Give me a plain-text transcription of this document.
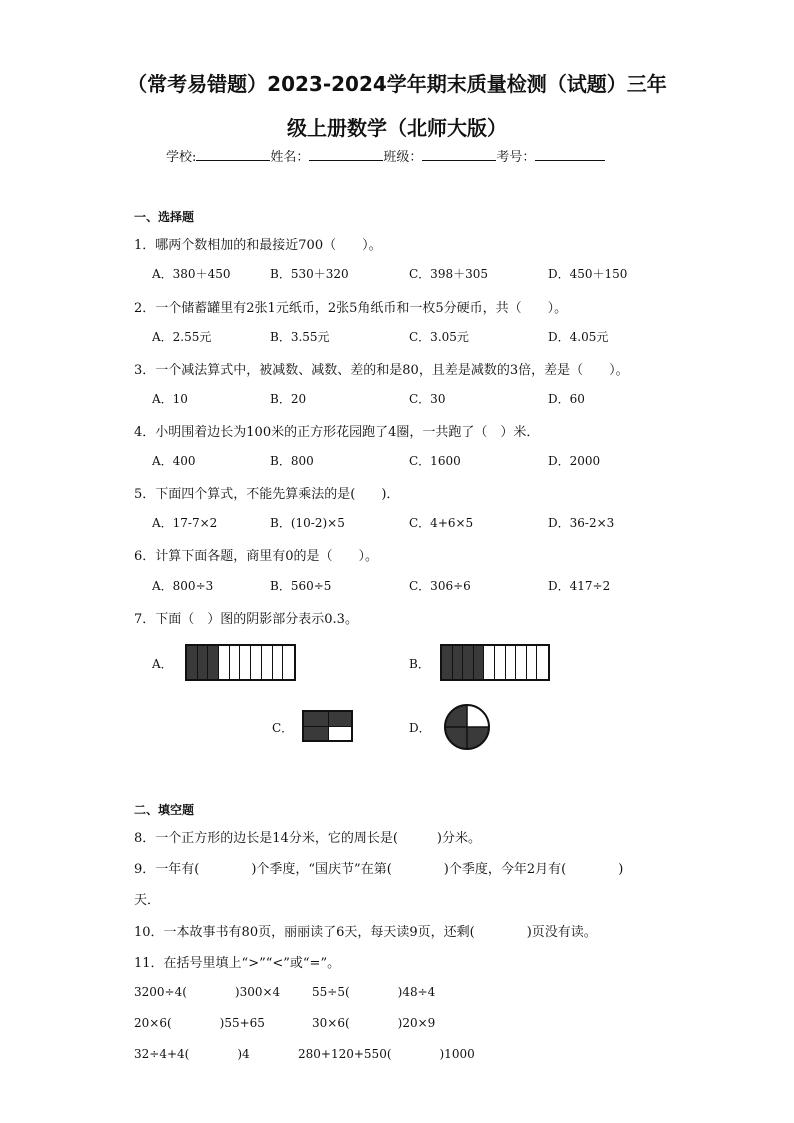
（常考易错题）2023-2024学年期末质量检测（试题）三年
级上册数学（北师大版）
学校:	姓名：	班级：	考号：
一、选择题
1．哪两个数相加的和最接近700（　　）。
A．380＋450	B．530＋320	C．398＋305	D．450＋150
2．一个储蓄罐里有2张1元纸币，2张5角纸币和一枚5分硬币，共（　　）。
A．2.55元	B．3.55元	C．3.05元	D．4.05元
3．一个减法算式中，被减数、减数、差的和是80，且差是减数的3倍，差是（　　）。
A．10	B．20	C．30	D．60
4．小明围着边长为100米的正方形花园跑了4圈，一共跑了（　）米．
A．400	B．800	C．1600	D．2000
5．下面四个算式，不能先算乘法的是(　　)．
A．17-7×2	B．(10-2)×5	C．4+6×5	D．36-2×3
6．计算下面各题，商里有0的是（　　）。
A．800÷3	B．560÷5	C．306÷6	D．417÷2
7．下面（　）图的阴影部分表示0.3。
A．	B．
C．	D．
二、填空题
8．一个正方形的边长是14分米，它的周长是(　　　)分米。
9．一年有(　　　　)个季度，“国庆节”在第(　　　　)个季度，今年2月有(　　　　)
天．
10．一本故事书有80页，丽丽读了6天，每天读9页，还剩(　　　　)页没有读。
11．在括号里填上“>”“<”或“=”。
3200÷4(　　　　)300×4	55÷5(　　　　)48÷4
20×6(　　　　)55+65	30×6(　　　　)20×9
32÷4+4(　　　　)4	280+120+550(　　　　)1000
